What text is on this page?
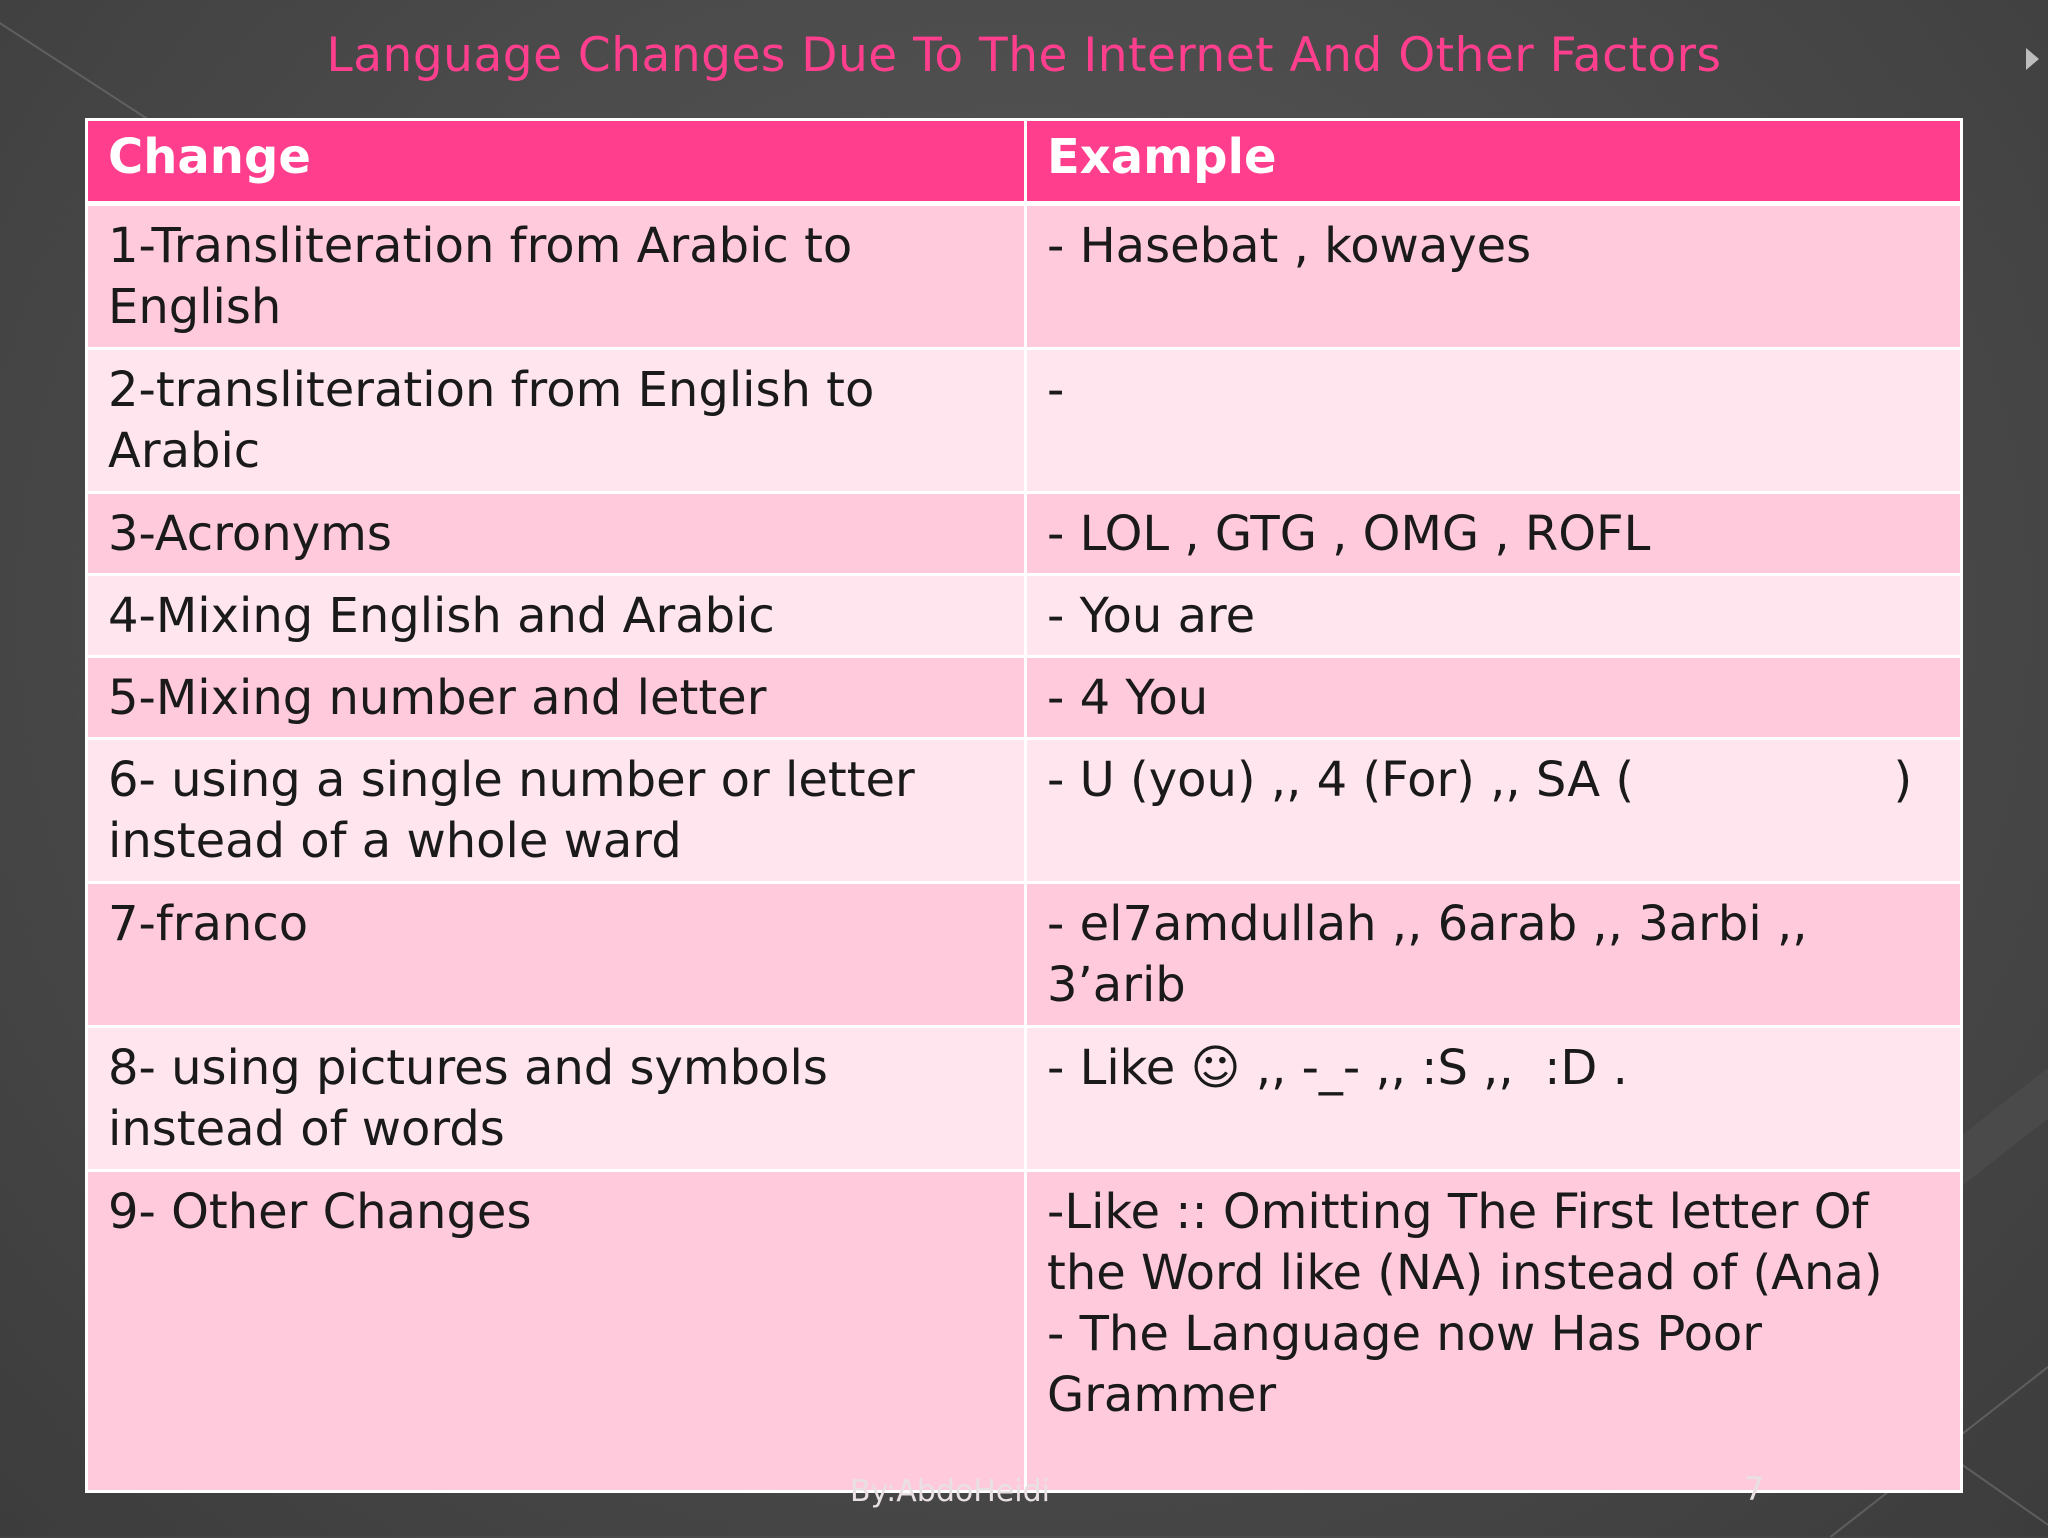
Language Changes Due To The Internet And Other Factors
Change	Example
1-Transliteration from Arabic to English	- Hasebat , kowayes
2-transliteration from English to Arabic	-
3-Acronyms	- LOL , GTG , OMG , ROFL
4-Mixing English and Arabic	- You are
5-Mixing number and letter	- 4 You
6- using a single number or letter instead of a whole ward	- U (you) ,, 4 (For) ,, SA (                 )
7-franco	- el7amdullah ,, 6arab ,, 3arbi ,, 3’arib
8- using pictures and symbols instead of words	- Like ☺ ,, -_- ,, :S ,,  :D .
9- Other Changes	-Like :: Omitting The First letter Of the Word like (NA) instead of (Ana)
- The Language now Has Poor Grammer
By:AbdoHeidi	7
